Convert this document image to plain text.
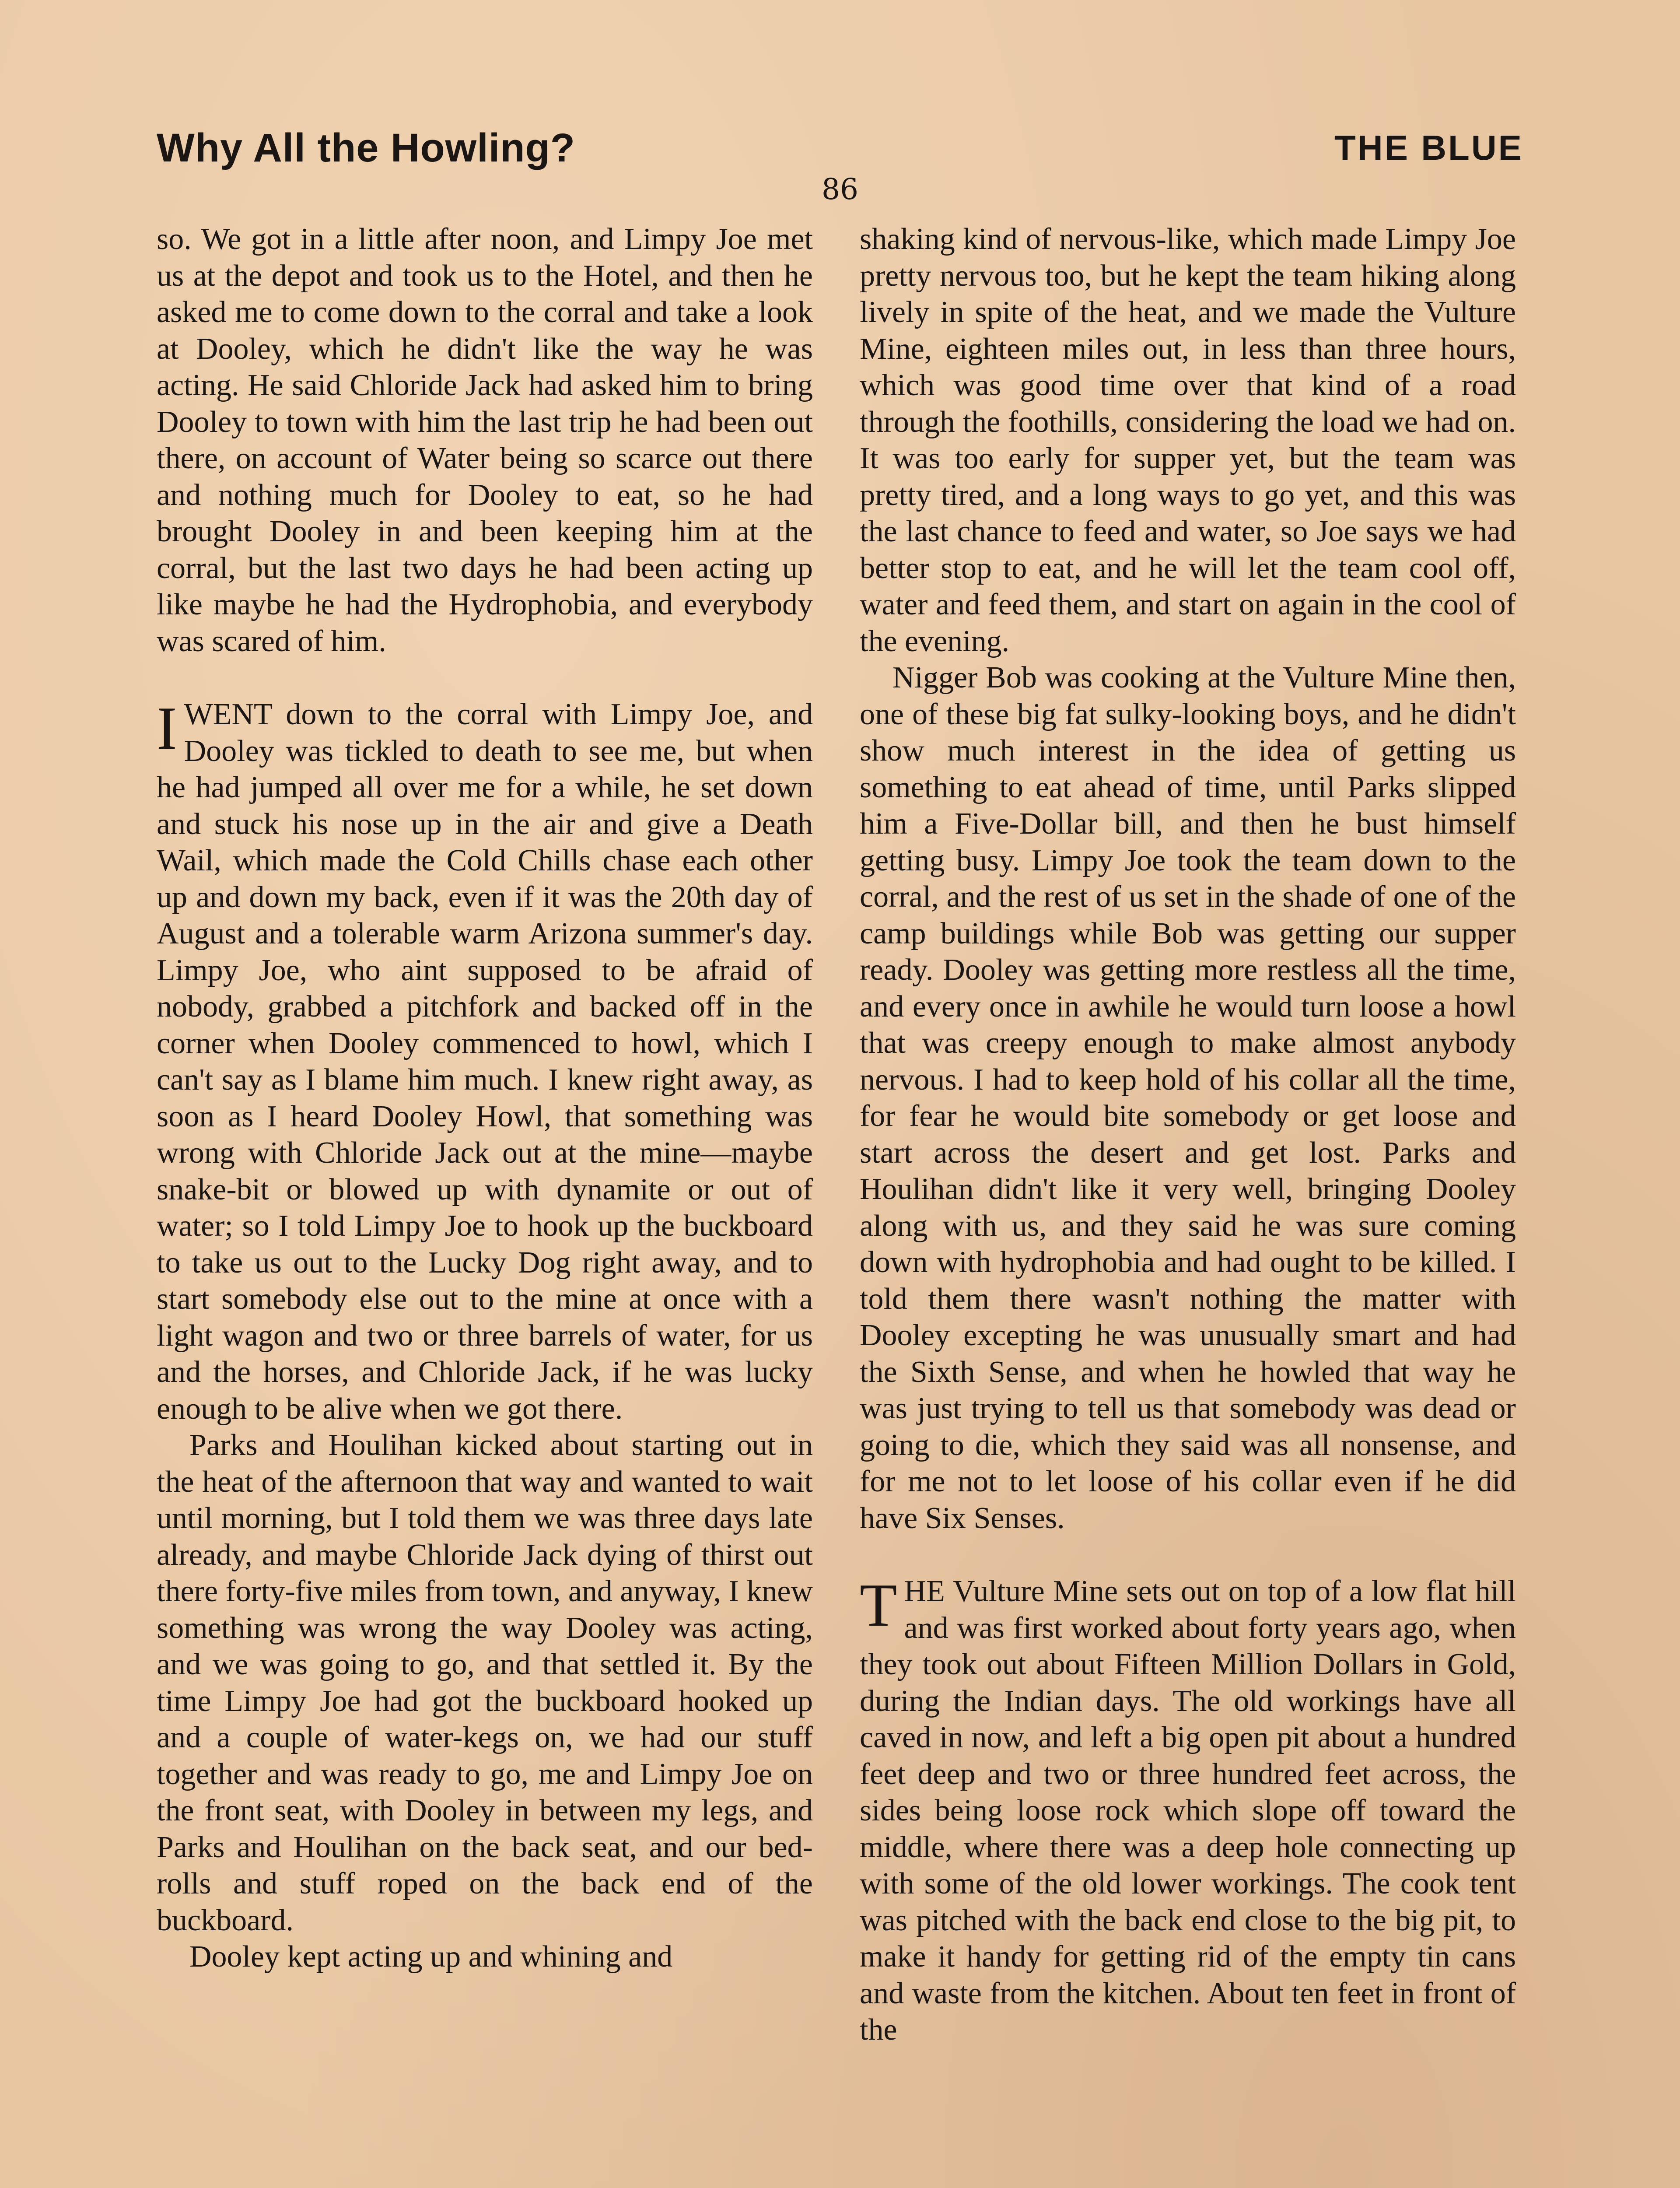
Why All the Howling?	THE BLUE
86

so. We got in a little after noon, and Limpy Joe met us at the depot and took us to the Hotel, and then he asked me to come down to the corral and take a look at Dooley, which he didn't like the way he was acting. He said Chloride Jack had asked him to bring Dooley to town with him the last trip he had been out there, on account of Water being so scarce out there and nothing much for Dooley to eat, so he had brought Dooley in and been keeping him at the corral, but the last two days he had been acting up like maybe he had the Hydrophobia, and everybody was scared of him.

I WENT down to the corral with Limpy Joe, and Dooley was tickled to death to see me, but when he had jumped all over me for a while, he set down and stuck his nose up in the air and give a Death Wail, which made the Cold Chills chase each other up and down my back, even if it was the 20th day of August and a tolerable warm Arizona summer's day. Limpy Joe, who aint supposed to be afraid of nobody, grabbed a pitchfork and backed off in the corner when Dooley commenced to howl, which I can't say as I blame him much. I knew right away, as soon as I heard Dooley Howl, that something was wrong with Chloride Jack out at the mine—maybe snake-bit or blowed up with dynamite or out of water; so I told Limpy Joe to hook up the buckboard to take us out to the Lucky Dog right away, and to start somebody else out to the mine at once with a light wagon and two or three barrels of water, for us and the horses, and Chloride Jack, if he was lucky enough to be alive when we got there.

Parks and Houlihan kicked about starting out in the heat of the afternoon that way and wanted to wait until morning, but I told them we was three days late already, and maybe Chloride Jack dying of thirst out there forty-five miles from town, and anyway, I knew something was wrong the way Dooley was acting, and we was going to go, and that settled it. By the time Limpy Joe had got the buckboard hooked up and a couple of water-kegs on, we had our stuff together and was ready to go, me and Limpy Joe on the front seat, with Dooley in between my legs, and Parks and Houlihan on the back seat, and our bed-rolls and stuff roped on the back end of the buckboard.

Dooley kept acting up and whining and

shaking kind of nervous-like, which made Limpy Joe pretty nervous too, but he kept the team hiking along lively in spite of the heat, and we made the Vulture Mine, eighteen miles out, in less than three hours, which was good time over that kind of a road through the foothills, considering the load we had on. It was too early for supper yet, but the team was pretty tired, and a long ways to go yet, and this was the last chance to feed and water, so Joe says we had better stop to eat, and he will let the team cool off, water and feed them, and start on again in the cool of the evening.

Nigger Bob was cooking at the Vulture Mine then, one of these big fat sulky-looking boys, and he didn't show much interest in the idea of getting us something to eat ahead of time, until Parks slipped him a Five-Dollar bill, and then he bust himself getting busy. Limpy Joe took the team down to the corral, and the rest of us set in the shade of one of the camp buildings while Bob was getting our supper ready. Dooley was getting more restless all the time, and every once in awhile he would turn loose a howl that was creepy enough to make almost anybody nervous. I had to keep hold of his collar all the time, for fear he would bite somebody or get loose and start across the desert and get lost. Parks and Houlihan didn't like it very well, bringing Dooley along with us, and they said he was sure coming down with hydrophobia and had ought to be killed. I told them there wasn't nothing the matter with Dooley excepting he was unusually smart and had the Sixth Sense, and when he howled that way he was just trying to tell us that somebody was dead or going to die, which they said was all nonsense, and for me not to let loose of his collar even if he did have Six Senses.

T HE Vulture Mine sets out on top of a low flat hill and was first worked about forty years ago, when they took out about Fifteen Million Dollars in Gold, during the Indian days. The old workings have all caved in now, and left a big open pit about a hundred feet deep and two or three hundred feet across, the sides being loose rock which slope off toward the middle, where there was a deep hole connecting up with some of the old lower workings. The cook tent was pitched with the back end close to the big pit, to make it handy for getting rid of the empty tin cans and waste from the kitchen. About ten feet in front of the
